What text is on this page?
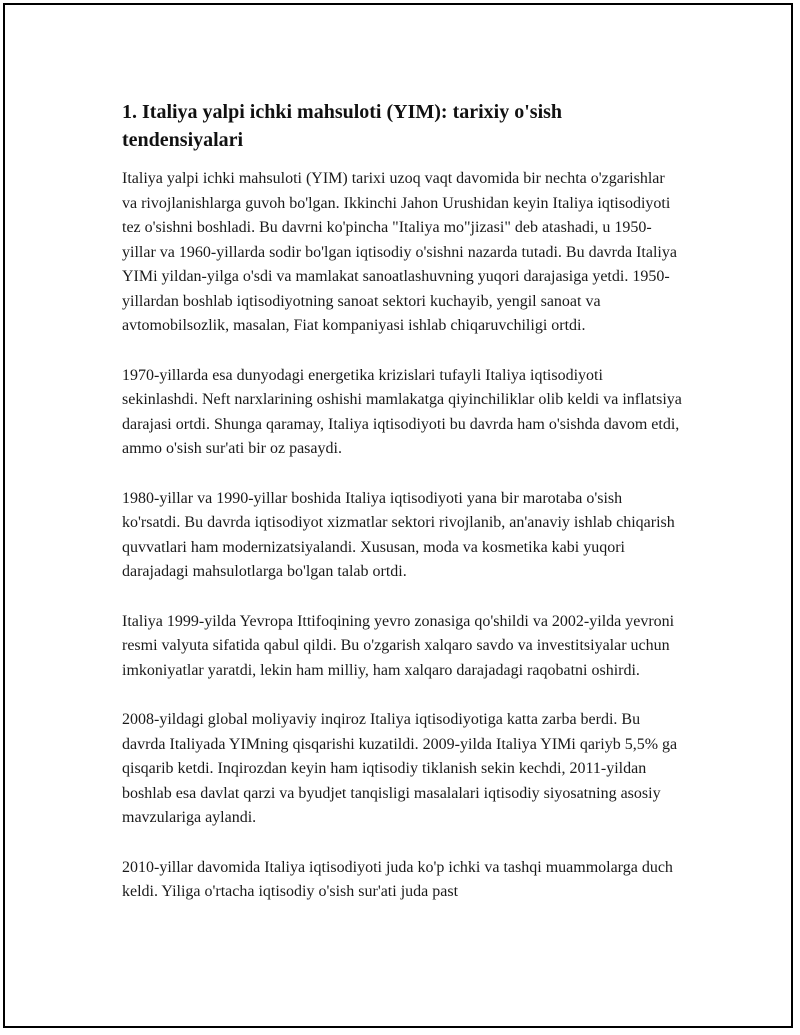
1. Italiya yalpi ichki mahsuloti (YIM): tarixiy o'sish tendensiyalari

Italiya yalpi ichki mahsuloti (YIM) tarixi uzoq vaqt davomida bir nechta o'zgarishlar va rivojlanishlarga guvoh bo'lgan. Ikkinchi Jahon Urushidan keyin Italiya iqtisodiyoti tez o'sishni boshladi. Bu davrni ko'pincha "Italiya mo"jizasi" deb atashadi, u 1950-yillar va 1960-yillarda sodir bo'lgan iqtisodiy o'sishni nazarda tutadi. Bu davrda Italiya YIMi yildan-yilga o'sdi va mamlakat sanoatlashuvning yuqori darajasiga yetdi. 1950-yillardan boshlab iqtisodiyotning sanoat sektori kuchayib, yengil sanoat va avtomobilsozlik, masalan, Fiat kompaniyasi ishlab chiqaruvchiligi ortdi.

1970-yillarda esa dunyodagi energetika krizislari tufayli Italiya iqtisodiyoti sekinlashdi. Neft narxlarining oshishi mamlakatga qiyinchiliklar olib keldi va inflatsiya darajasi ortdi. Shunga qaramay, Italiya iqtisodiyoti bu davrda ham o'sishda davom etdi, ammo o'sish sur'ati bir oz pasaydi.

1980-yillar va 1990-yillar boshida Italiya iqtisodiyoti yana bir marotaba o'sish ko'rsatdi. Bu davrda iqtisodiyot xizmatlar sektori rivojlanib, an'anaviy ishlab chiqarish quvvatlari ham modernizatsiyalandi. Xususan, moda va kosmetika kabi yuqori darajadagi mahsulotlarga bo'lgan talab ortdi.

Italiya 1999-yilda Yevropa Ittifoqining yevro zonasiga qo'shildi va 2002-yilda yevroni resmi valyuta sifatida qabul qildi. Bu o'zgarish xalqaro savdo va investitsiyalar uchun imkoniyatlar yaratdi, lekin ham milliy, ham xalqaro darajadagi raqobatni oshirdi.

2008-yildagi global moliyaviy inqiroz Italiya iqtisodiyotiga katta zarba berdi. Bu davrda Italiyada YIMning qisqarishi kuzatildi. 2009-yilda Italiya YIMi qariyb 5,5% ga qisqarib ketdi. Inqirozdan keyin ham iqtisodiy tiklanish sekin kechdi, 2011-yildan boshlab esa davlat qarzi va byudjet tanqisligi masalalari iqtisodiy siyosatning asosiy mavzulariga aylandi.

2010-yillar davomida Italiya iqtisodiyoti juda ko'p ichki va tashqi muammolarga duch keldi. Yiliga o'rtacha iqtisodiy o'sish sur'ati juda past
